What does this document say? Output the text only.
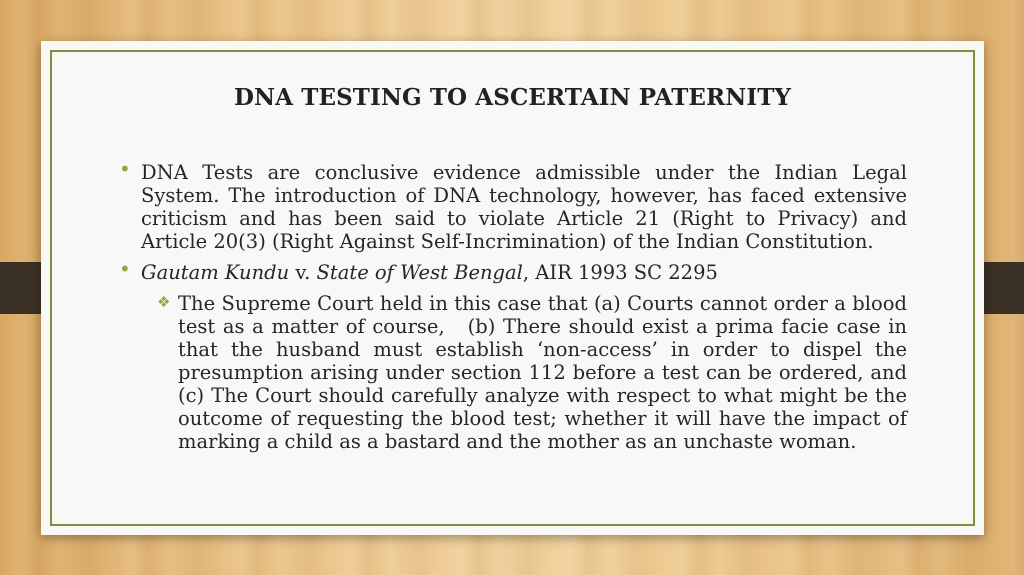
DNA TESTING TO ASCERTAIN PATERNITY
• DNA Tests are conclusive evidence admissible under the Indian Legal System. The introduction of DNA technology, however, has faced extensive criticism and has been said to violate Article 21 (Right to Privacy) and Article 20(3) (Right Against Self-Incrimination) of the Indian Constitution.
• Gautam Kundu v. State of West Bengal, AIR 1993 SC 2295
❖ The Supreme Court held in this case that (a) Courts cannot order a blood test as a matter of course,   (b) There should exist a prima facie case in that the husband must establish ‘non-access’ in order to dispel the presumption arising under section 112 before a test can be ordered, and (c) The Court should carefully analyze with respect to what might be the outcome of requesting the blood test; whether it will have the impact of marking a child as a bastard and the mother as an unchaste woman.
